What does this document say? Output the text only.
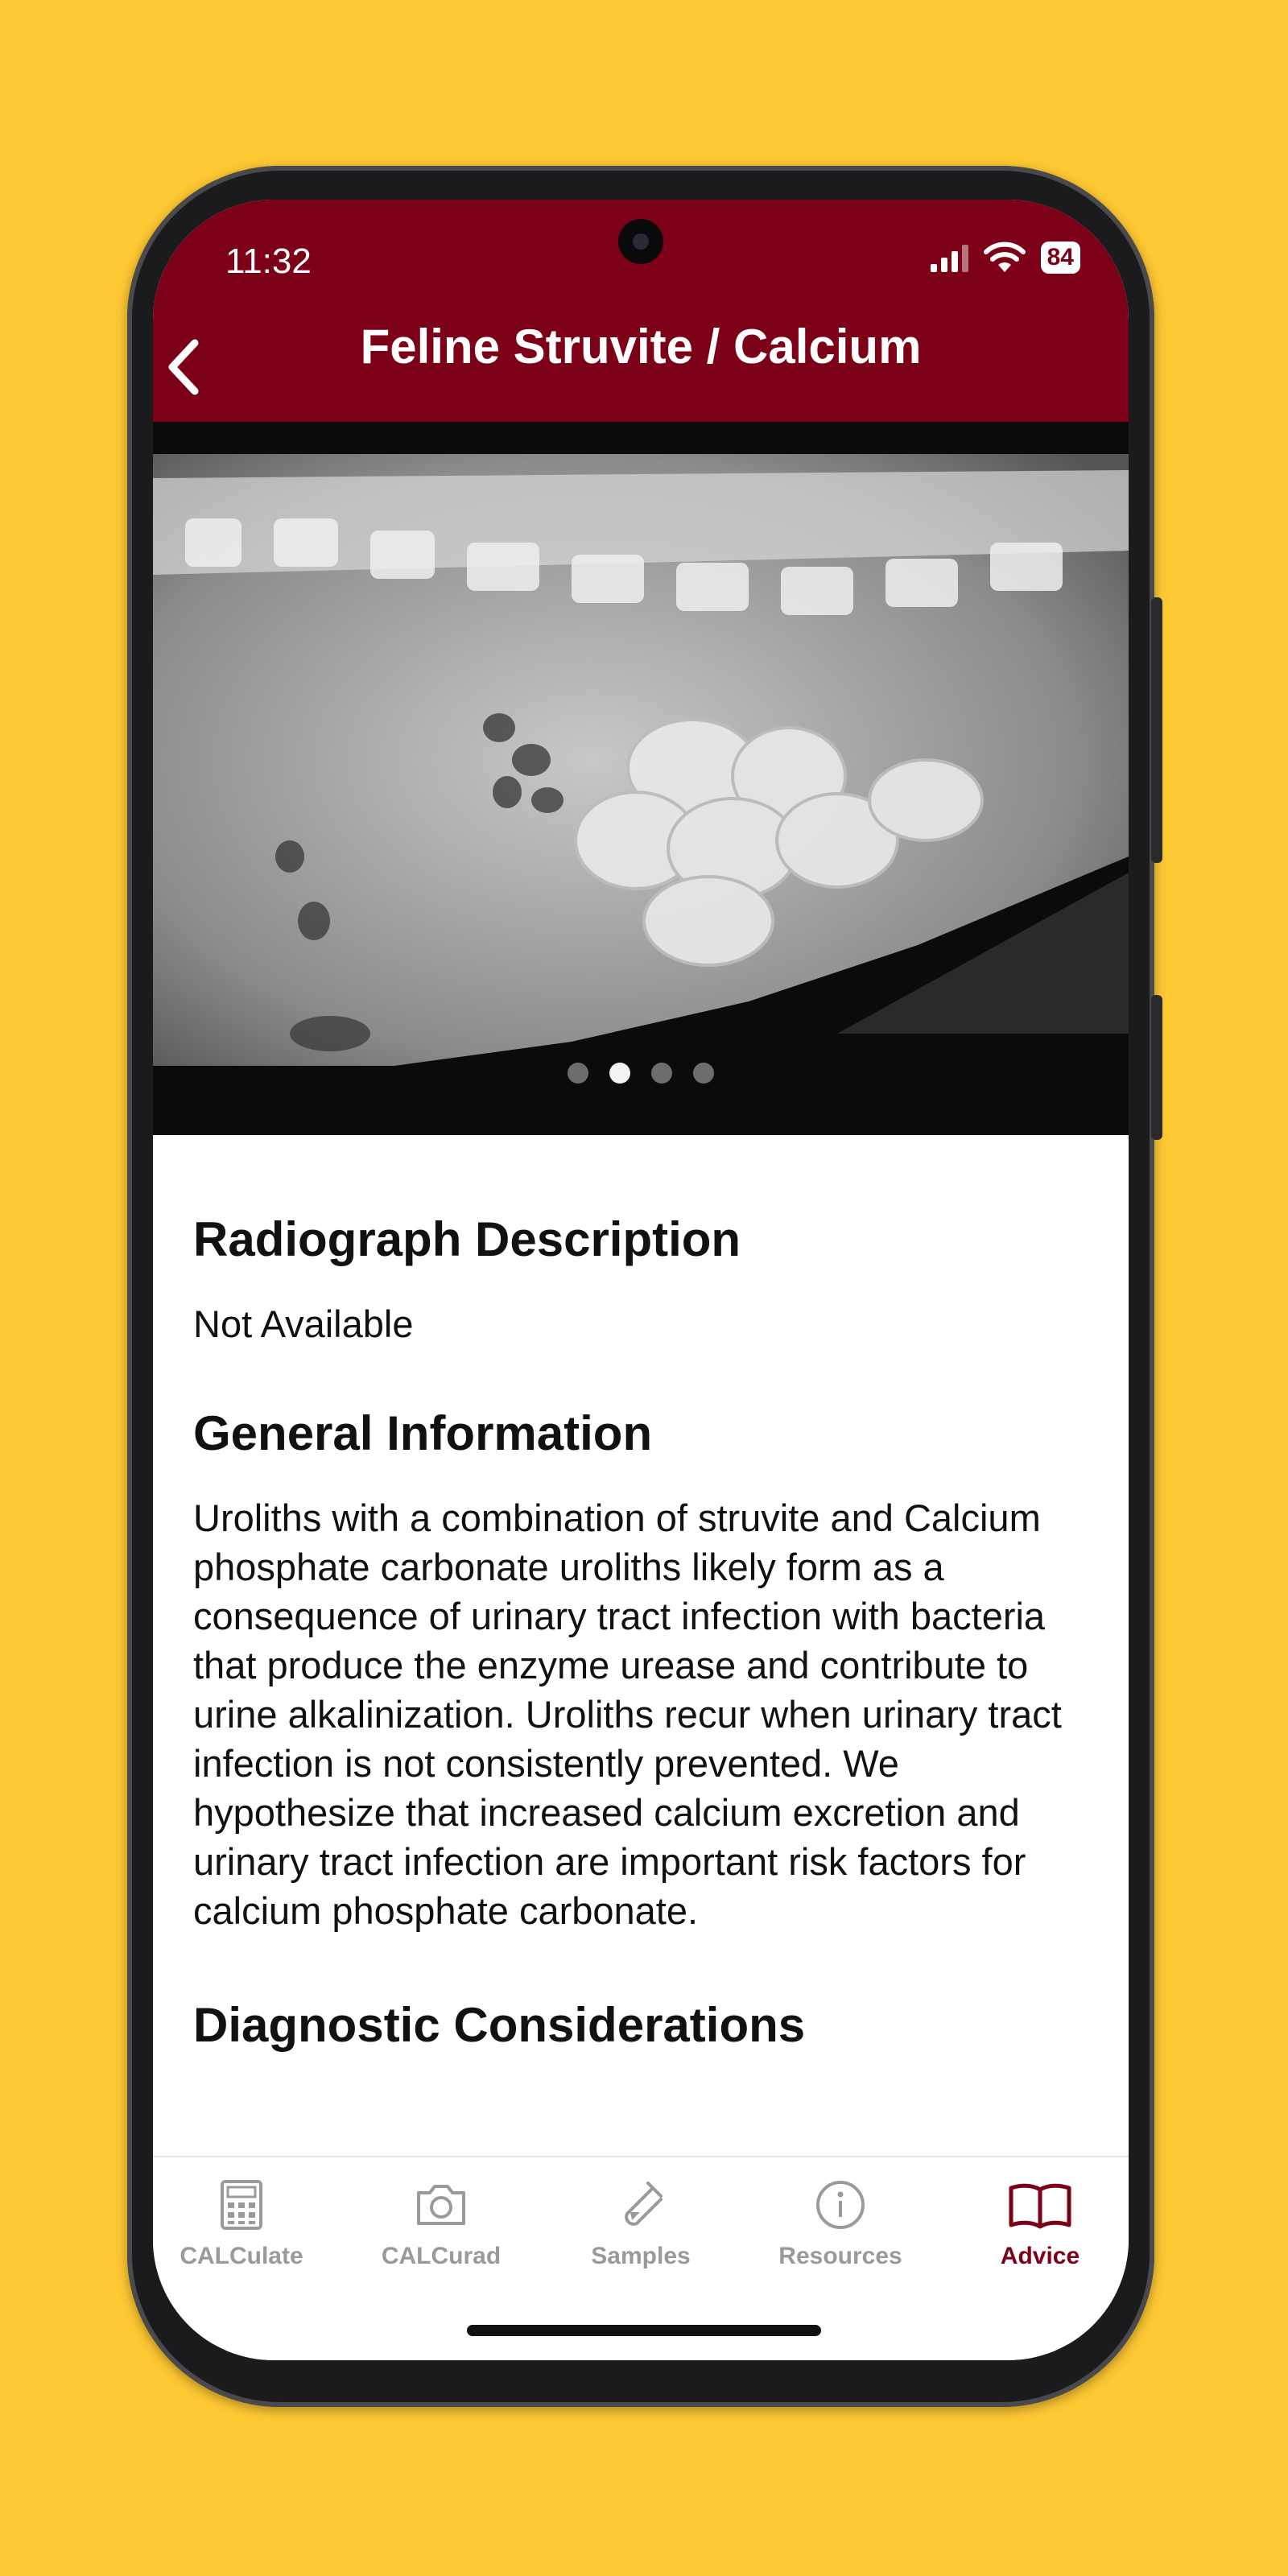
11:32	84
Feline Struvite / Calcium
Radiograph Description

Not Available

General Information

Uroliths with a combination of struvite and Calcium phosphate carbonate uroliths likely form as a consequence of urinary tract infection with bacteria that produce the enzyme urease and contribute to urine alkalinization. Uroliths recur when urinary tract infection is not consistently prevented. We hypothesize that increased calcium excretion and urinary tract infection are important risk factors for calcium phosphate carbonate.

Diagnostic Considerations
CALCulate	CALCurad	Samples	Resources	Advice
